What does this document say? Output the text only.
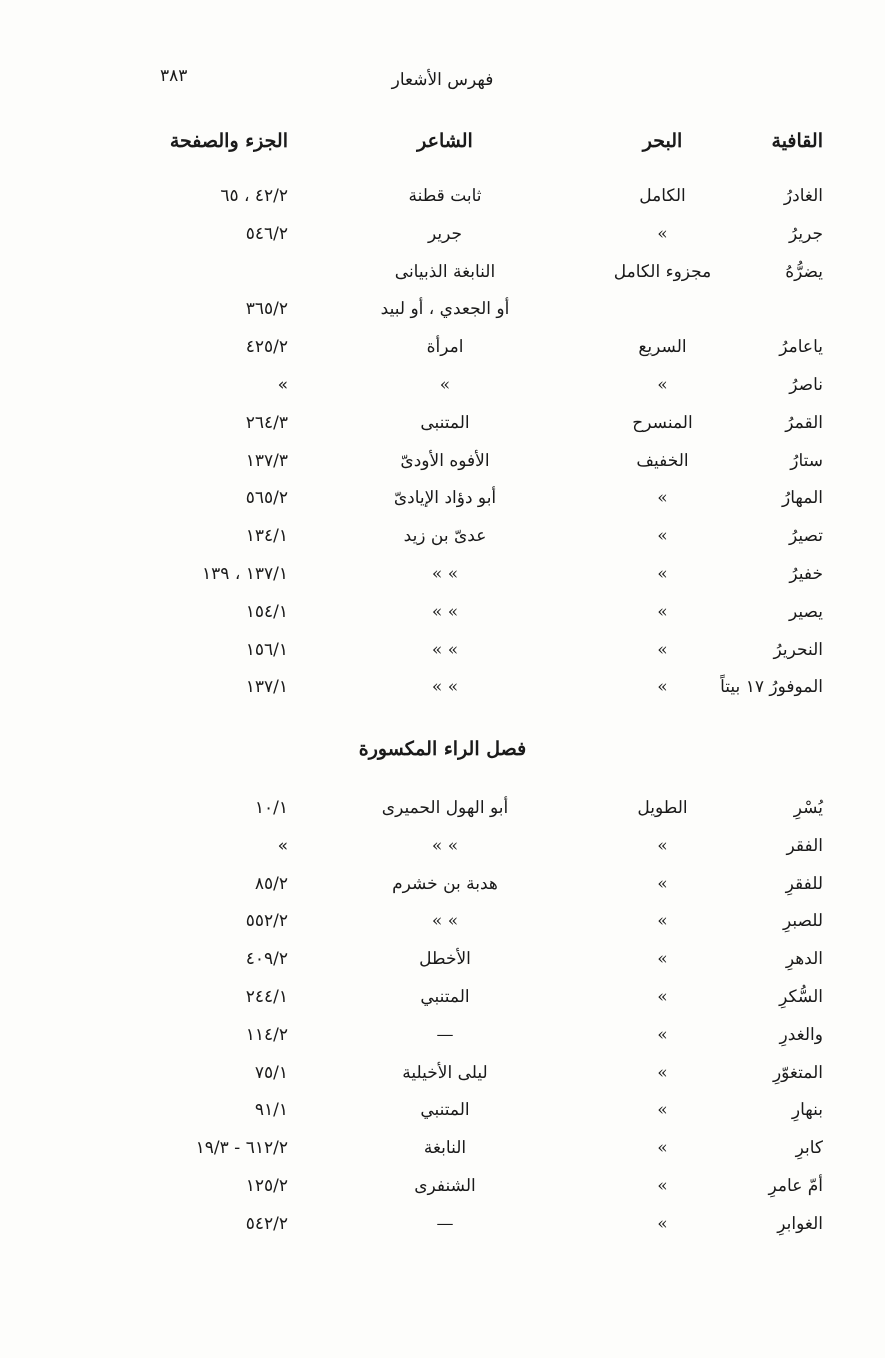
٣٨٣	فهرس الأشعار
القافية
البحر
الشاعر
الجزء والصفحة
الغادرُ
الكامل
ثابت قطنة
٤٢/٢ ، ٦٥
جريرُ
»
جرير
٥٤٦/٢
يضرُّهُ
مجزوء الكامل
النابغة الذبيانى
أو الجعدي ، أو لبيد
٣٦٥/٢
ياعامرُ
السريع
امرأة
٤٢٥/٢
ناصرُ
»
»
»
القمرُ
المنسرح
المتنبى
٢٦٤/٣
ستارُ
الخفيف
الأفوه الأودىّ
١٣٧/٣
المهارُ
»
أبو دؤاد الإيادىّ
٥٦٥/٢
تصيرُ
»
عدىّ بن زيد
١٣٤/١
خفيرُ
»
» »
١٣٧/١ ، ١٣٩
يصير
»
» »
١٥٤/١
النحريرُ
»
» »
١٥٦/١
الموفورُ ١٧ بيتاً
»
» »
١٣٧/١
فصل الراء المكسورة
يُسْرِ
الطويل
أبو الهول الحميرى
١٠/١
الفقر
»
» »
»
للفقرِ
»
هدبة بن خشرم
٨٥/٢
للصبرِ
»
» »
٥٥٢/٢
الدهرِ
»
الأخطل
٤٠٩/٢
السُّكرِ
»
المتنبي
٢٤٤/١
والغدرِ
»
—
١١٤/٢
المتغوّرِ
»
ليلى الأخيلية
٧٥/١
بنهارِ
»
المتنبي
٩١/١
كابرِ
»
النابغة
٦١٢/٢ - ١٩/٣
أمّ عامرِ
»
الشنفرى
١٢٥/٢
الغوابرِ
»
—
٥٤٢/٢
